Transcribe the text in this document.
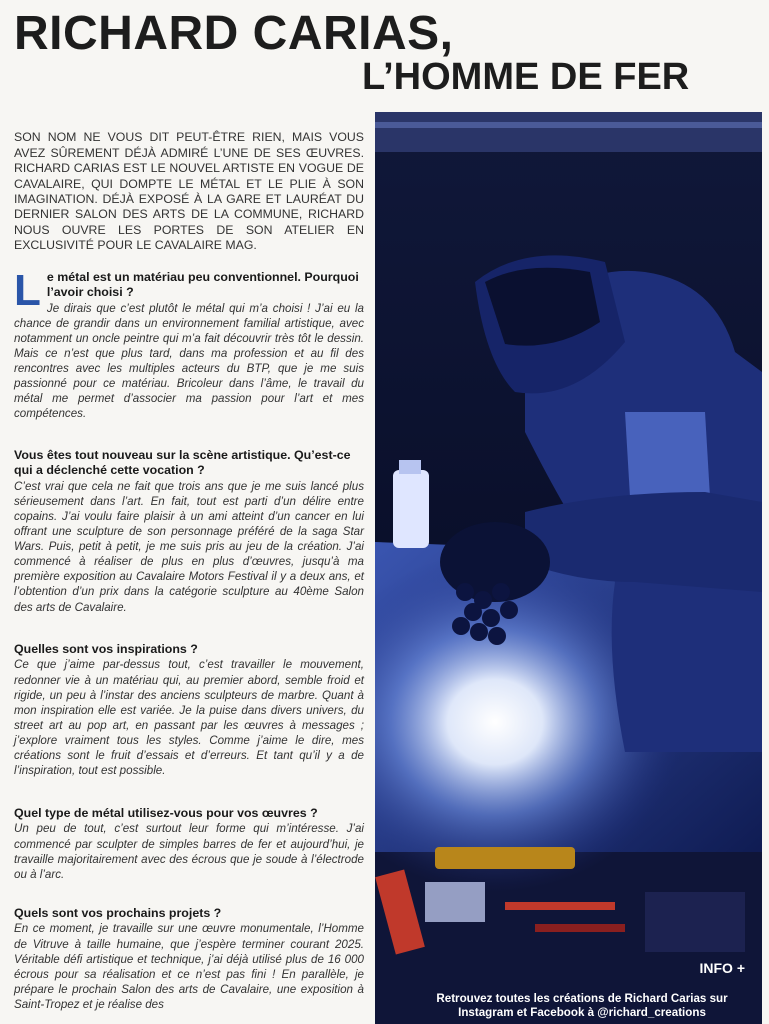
RICHARD CARIAS,
L’HOMME DE FER

SON NOM NE VOUS DIT PEUT-ÊTRE RIEN, MAIS VOUS AVEZ SÛREMENT DÉJÀ ADMIRÉ L’UNE DE SES ŒUVRES. RICHARD CARIAS EST LE NOUVEL ARTISTE EN VOGUE DE CAVALAIRE, QUI DOMPTE LE MÉTAL ET LE PLIE À SON IMAGINATION. DÉJÀ EXPOSÉ À LA GARE ET LAURÉAT DU DERNIER SALON DES ARTS DE LA COMMUNE, RICHARD NOUS OUVRE LES PORTES DE SON ATELIER EN EXCLUSIVITÉ POUR LE CAVALAIRE MAG.

Le métal est un matériau peu conventionnel. Pourquoi l’avoir choisi ?

Je dirais que c’est plutôt le métal qui m’a choisi ! J’ai eu la chance de grandir dans un environnement familial artistique, avec notamment un oncle peintre qui m’a fait découvrir très tôt le dessin. Mais ce n’est que plus tard, dans ma profession et au fil des rencontres avec les multiples acteurs du BTP, que je me suis passionné pour ce matériau. Bricoleur dans l’âme, le travail du métal me permet d’associer ma passion pour l’art et mes compétences.

Vous êtes tout nouveau sur la scène artistique. Qu’est-ce qui a déclenché cette vocation ?

C’est vrai que cela ne fait que trois ans que je me suis lancé plus sérieusement dans l’art. En fait, tout est parti d’un délire entre copains. J’ai voulu faire plaisir à un ami atteint d’un cancer en lui offrant une sculpture de son personnage préféré de la saga Star Wars. Puis, petit à petit, je me suis pris au jeu de la création. J’ai commencé à réaliser de plus en plus d’œuvres, jusqu’à ma première exposition au Cavalaire Motors Festival il y a deux ans, et l’obtention d’un prix dans la catégorie sculpture au 40ème Salon des arts de Cavalaire.

Quelles sont vos inspirations ?

Ce que j’aime par-dessus tout, c’est travailler le mouvement, redonner vie à un matériau qui, au premier abord, semble froid et rigide, un peu à l’instar des anciens sculpteurs de marbre. Quant à mon inspiration elle est variée. Je la puise dans divers univers, du street art au pop art, en passant par les œuvres à messages ; j’explore vraiment tous les styles. Comme j’aime le dire, mes créations sont le fruit d’essais et d’erreurs. Et tant qu’il y a de l’inspiration, tout est possible.

Quel type de métal utilisez-vous pour vos œuvres ?

Un peu de tout, c’est surtout leur forme qui m’intéresse. J’ai commencé par sculpter de simples barres de fer et aujourd’hui, je travaille majoritairement avec des écrous que je soude à l’électrode ou à l’arc.

Quels sont vos prochains projets ?

En ce moment, je travaille sur une œuvre monumentale, l’Homme de Vitruve à taille humaine, que j’espère terminer courant 2025. Véritable défi artistique et technique, j’ai déjà utilisé plus de 16 000 écrous pour sa réalisation et ce n’est pas fini ! En parallèle, je prépare le prochain Salon des arts de Cavalaire, une exposition à Saint-Tropez et je réalise des

INFO +
Retrouvez toutes les créations de Richard Carias sur Instagram et Facebook à @richard_creations
